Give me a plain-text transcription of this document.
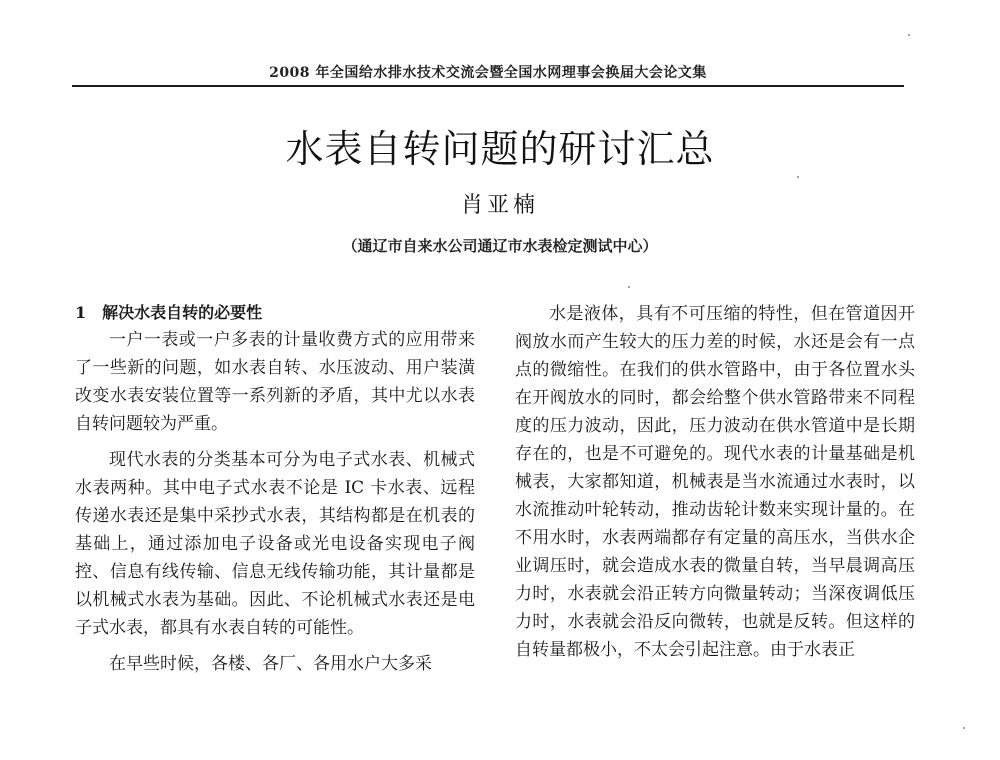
2008 年全国给水排水技术交流会暨全国水网理事会换届大会论文集
水表自转问题的研讨汇总
肖亚楠
（通辽市自来水公司通辽市水表检定测试中心）

1　解决水表自转的必要性

一户一表或一户多表的计量收费方式的应用带来了一些新的问题，如水表自转、水压波动、用户装潢改变水表安装位置等一系列新的矛盾，其中尤以水表自转问题较为严重。

现代水表的分类基本可分为电子式水表、机械式水表两种。其中电子式水表不论是 IC 卡水表、远程传递水表还是集中采抄式水表，其结构都是在机表的基础上，通过添加电子设备或光电设备实现电子阀控、信息有线传输、信息无线传输功能，其计量都是以机械式水表为基础。因此、不论机械式水表还是电子式水表，都具有水表自转的可能性。

在早些时候，各楼、各厂、各用水户大多采

水是液体，具有不可压缩的特性，但在管道因开阀放水而产生较大的压力差的时候，水还是会有一点点的微缩性。在我们的供水管路中，由于各位置水头在开阀放水的同时，都会给整个供水管路带来不同程度的压力波动，因此，压力波动在供水管道中是长期存在的，也是不可避免的。现代水表的计量基础是机械表，大家都知道，机械表是当水流通过水表时，以水流推动叶轮转动，推动齿轮计数来实现计量的。在不用水时，水表两端都存有定量的高压水，当供水企业调压时，就会造成水表的微量自转，当早晨调高压力时，水表就会沿正转方向微量转动；当深夜调低压力时，水表就会沿反向微转，也就是反转。但这样的自转量都极小，不太会引起注意。由于水表正
